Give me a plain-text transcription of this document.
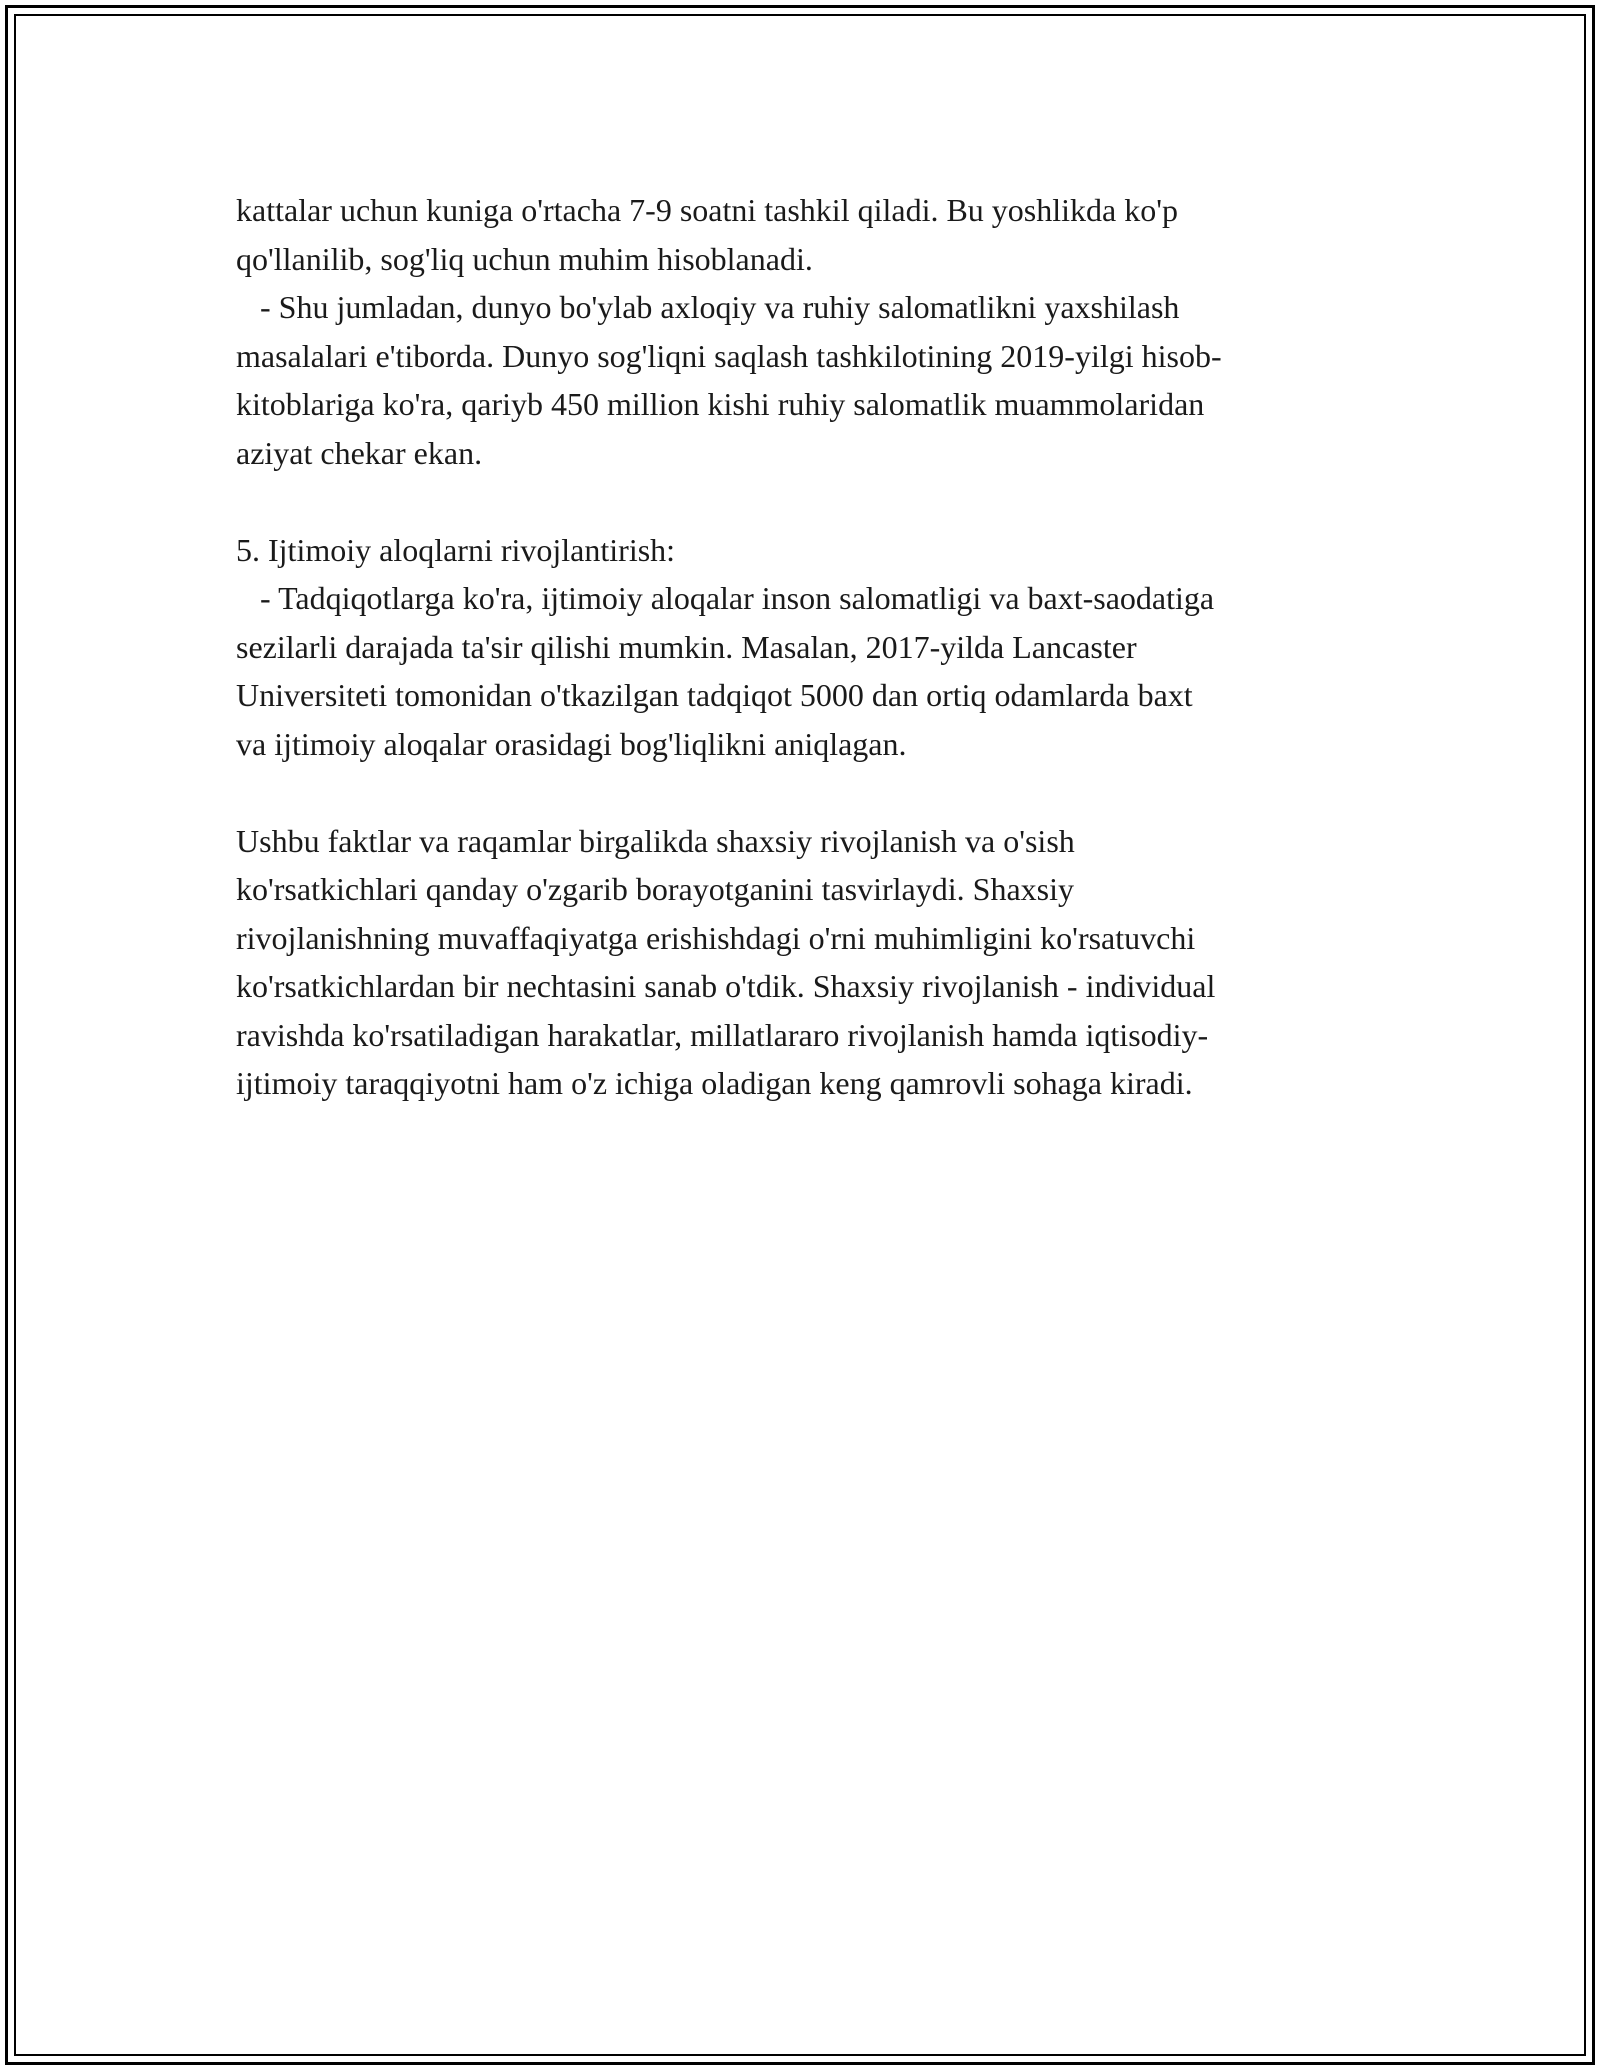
kattalar uchun kuniga o'rtacha 7-9 soatni tashkil qiladi. Bu yoshlikda ko'p
qo'llanilib, sog'liq uchun muhim hisoblanadi.

- Shu jumladan, dunyo bo'ylab axloqiy va ruhiy salomatlikni yaxshilash
masalalari e'tiborda. Dunyo sog'liqni saqlash tashkilotining 2019-yilgi hisob-
kitoblariga ko'ra, qariyb 450 million kishi ruhiy salomatlik muammolaridan
aziyat chekar ekan.

5. Ijtimoiy aloqlarni rivojlantirish:

- Tadqiqotlarga ko'ra, ijtimoiy aloqalar inson salomatligi va baxt-saodatiga
sezilarli darajada ta'sir qilishi mumkin. Masalan, 2017-yilda Lancaster
Universiteti tomonidan o'tkazilgan tadqiqot 5000 dan ortiq odamlarda baxt
va ijtimoiy aloqalar orasidagi bog'liqlikni aniqlagan.

Ushbu faktlar va raqamlar birgalikda shaxsiy rivojlanish va o'sish
ko'rsatkichlari qanday o'zgarib borayotganini tasvirlaydi. Shaxsiy
rivojlanishning muvaffaqiyatga erishishdagi o'rni muhimligini ko'rsatuvchi
ko'rsatkichlardan bir nechtasini sanab o'tdik. Shaxsiy rivojlanish - individual
ravishda ko'rsatiladigan harakatlar, millatlararo rivojlanish hamda iqtisodiy-
ijtimoiy taraqqiyotni ham o'z ichiga oladigan keng qamrovli sohaga kiradi.
